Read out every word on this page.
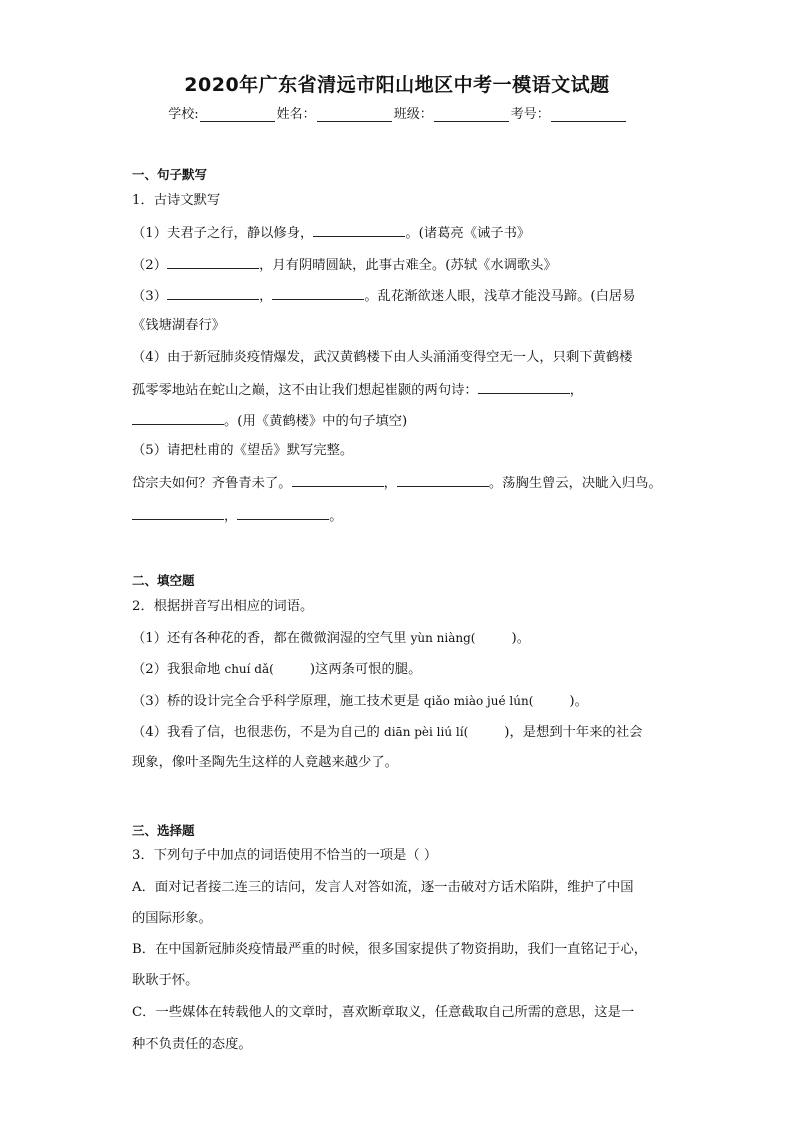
2020年广东省清远市阳山地区中考一模语文试题
学校:	姓名：	班级：	考号：
一、句子默写
1．古诗文默写
（1）夫君子之行，静以修身，	。(诸葛亮《诫子书》
（2）	，月有阴晴圆缺，此事古难全。(苏轼《水调歌头》
（3）	，	。乱花渐欲迷人眼，浅草才能没马蹄。(白居易
《钱塘湖春行》
（4）由于新冠肺炎疫情爆发，武汉黄鹤楼下由人头涌涌变得空无一人，只剩下黄鹤楼
孤零零地站在蛇山之巅，这不由让我们想起崔颢的两句诗：	，
。(用《黄鹤楼》中的句子填空)
（5）请把杜甫的《望岳》默写完整。
岱宗夫如何？齐鲁青未了。	，	。荡胸生曾云，决眦入归鸟。
，	。
二、填空题
2．根据拼音写出相应的词语。
（1）还有各种花的香，都在微微润湿的空气里 yùn niàng(	)。
（2）我狠命地 chuí dǎ(	)这两条可恨的腿。
（3）桥的设计完全合乎科学原理，施工技术更是 qiǎo miào jué lún(	)。
（4）我看了信，也很悲伤，不是为自己的 diān pèi liú lí(	)，是想到十年来的社会
现象，像叶圣陶先生这样的人竟越来越少了。
三、选择题
3．下列句子中加点的词语使用不恰当的一项是（ ）
A．面对记者接二连三的诘问，发言人对答如流，逐一击破对方话术陷阱，维护了中国
的国际形象。
B．在中国新冠肺炎疫情最严重的时候，很多国家提供了物资捐助，我们一直铭记于心，
耿耿于怀。
C．一些媒体在转载他人的文章时，喜欢断章取义，任意截取自己所需的意思，这是一
种不负责任的态度。
